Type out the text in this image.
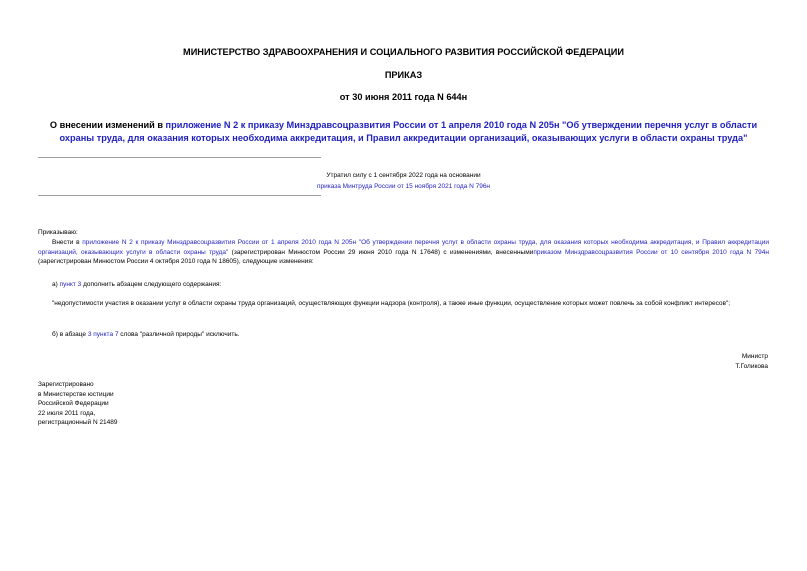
МИНИСТЕРСТВО ЗДРАВООХРАНЕНИЯ И СОЦИАЛЬНОГО РАЗВИТИЯ РОССИЙСКОЙ ФЕДЕРАЦИИ
ПРИКАЗ
от 30 июня 2011 года N 644н
О внесении изменений в приложение N 2 к приказу Минздравсоцразвития России от 1 апреля 2010 года N 205н "Об утверждении перечня услуг в области охраны труда, для оказания которых необходима аккредитация, и Правил аккредитации организаций, оказывающих услуги в области охраны труда"
Утратил силу с 1 сентября 2022 года на основании
приказа Минтруда России от 15 ноября 2021 года N 796н
Приказываю:
Внести в приложение N 2 к приказу Минздравсоцразвития России от 1 апреля 2010 года N 205н "Об утверждении перечня услуг в области охраны труда, для оказания которых необходима аккредитация, и Правил аккредитации организаций, оказывающих услуги в области охраны труда" (зарегистрирован Минюстом России 29 июня 2010 года N 17648) с изменениями, внесеннымиприказом Минздравсоцразвития России от 10 сентября 2010 года N 794н (зарегистрирован Минюстом России 4 октября 2010 года N 18605), следующие изменения:
а) пункт 3 дополнить абзацем следующего содержания:
"недопустимости участия в оказании услуг в области охраны труда организаций, осуществляющих функции надзора (контроля), а также иные функции, осуществление которых может повлечь за собой конфликт интересов";
б) в абзаце 3 пункта 7 слова "различной природы" исключить.
Министр
Т.Голикова
Зарегистрировано
в Министерстве юстиции
Российской Федерации
22 июля 2011 года,
регистрационный N 21489
